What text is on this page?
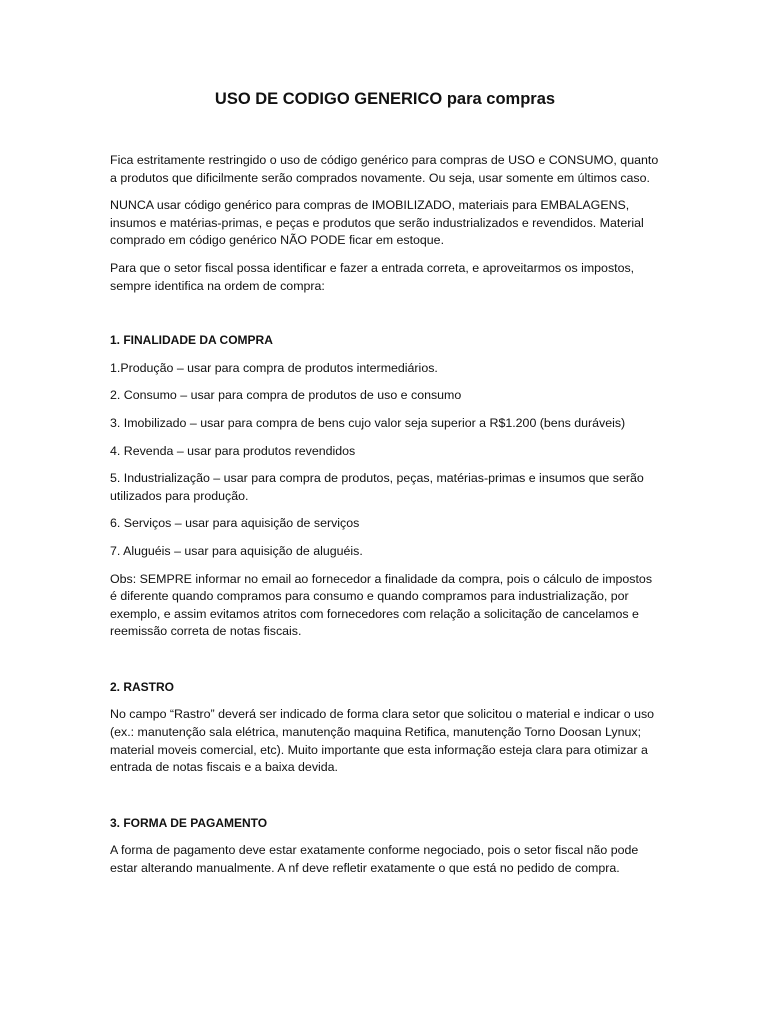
USO DE CODIGO GENERICO para compras

Fica estritamente restringido o uso de código genérico para compras de USO e CONSUMO, quanto a produtos que dificilmente serão comprados novamente. Ou seja, usar somente em últimos caso.

NUNCA usar código genérico para compras de IMOBILIZADO, materiais para EMBALAGENS, insumos e matérias-primas, e peças e produtos que serão industrializados e revendidos. Material comprado em código genérico NÃO PODE ficar em estoque.

Para que o setor fiscal possa identificar e fazer a entrada correta, e aproveitarmos os impostos, sempre identifica na ordem de compra:

1. FINALIDADE DA COMPRA

1.Produção – usar para compra de produtos intermediários.

2. Consumo – usar para compra de produtos de uso e consumo

3. Imobilizado – usar para compra de bens cujo valor seja superior a R$1.200 (bens duráveis)

4. Revenda – usar para produtos revendidos

5. Industrialização – usar para compra de produtos, peças, matérias-primas e insumos que serão utilizados para produção.

6. Serviços – usar para aquisição de serviços

7. Aluguéis – usar para aquisição de aluguéis.

Obs: SEMPRE informar no email ao fornecedor a finalidade da compra, pois o cálculo de impostos é diferente quando compramos para consumo e quando compramos para industrialização, por exemplo, e assim evitamos atritos com fornecedores com relação a solicitação de cancelamos e reemissão correta de notas fiscais.

2. RASTRO

No campo “Rastro” deverá ser indicado de forma clara setor que solicitou o material e indicar o uso (ex.: manutenção sala elétrica, manutenção maquina Retifica, manutenção Torno Doosan Lynux; material moveis comercial, etc). Muito importante que esta informação esteja clara para otimizar a entrada de notas fiscais e a baixa devida.

3. FORMA DE PAGAMENTO

A forma de pagamento deve estar exatamente conforme negociado, pois o setor fiscal não pode estar alterando manualmente. A nf deve refletir exatamente o que está no pedido de compra.
